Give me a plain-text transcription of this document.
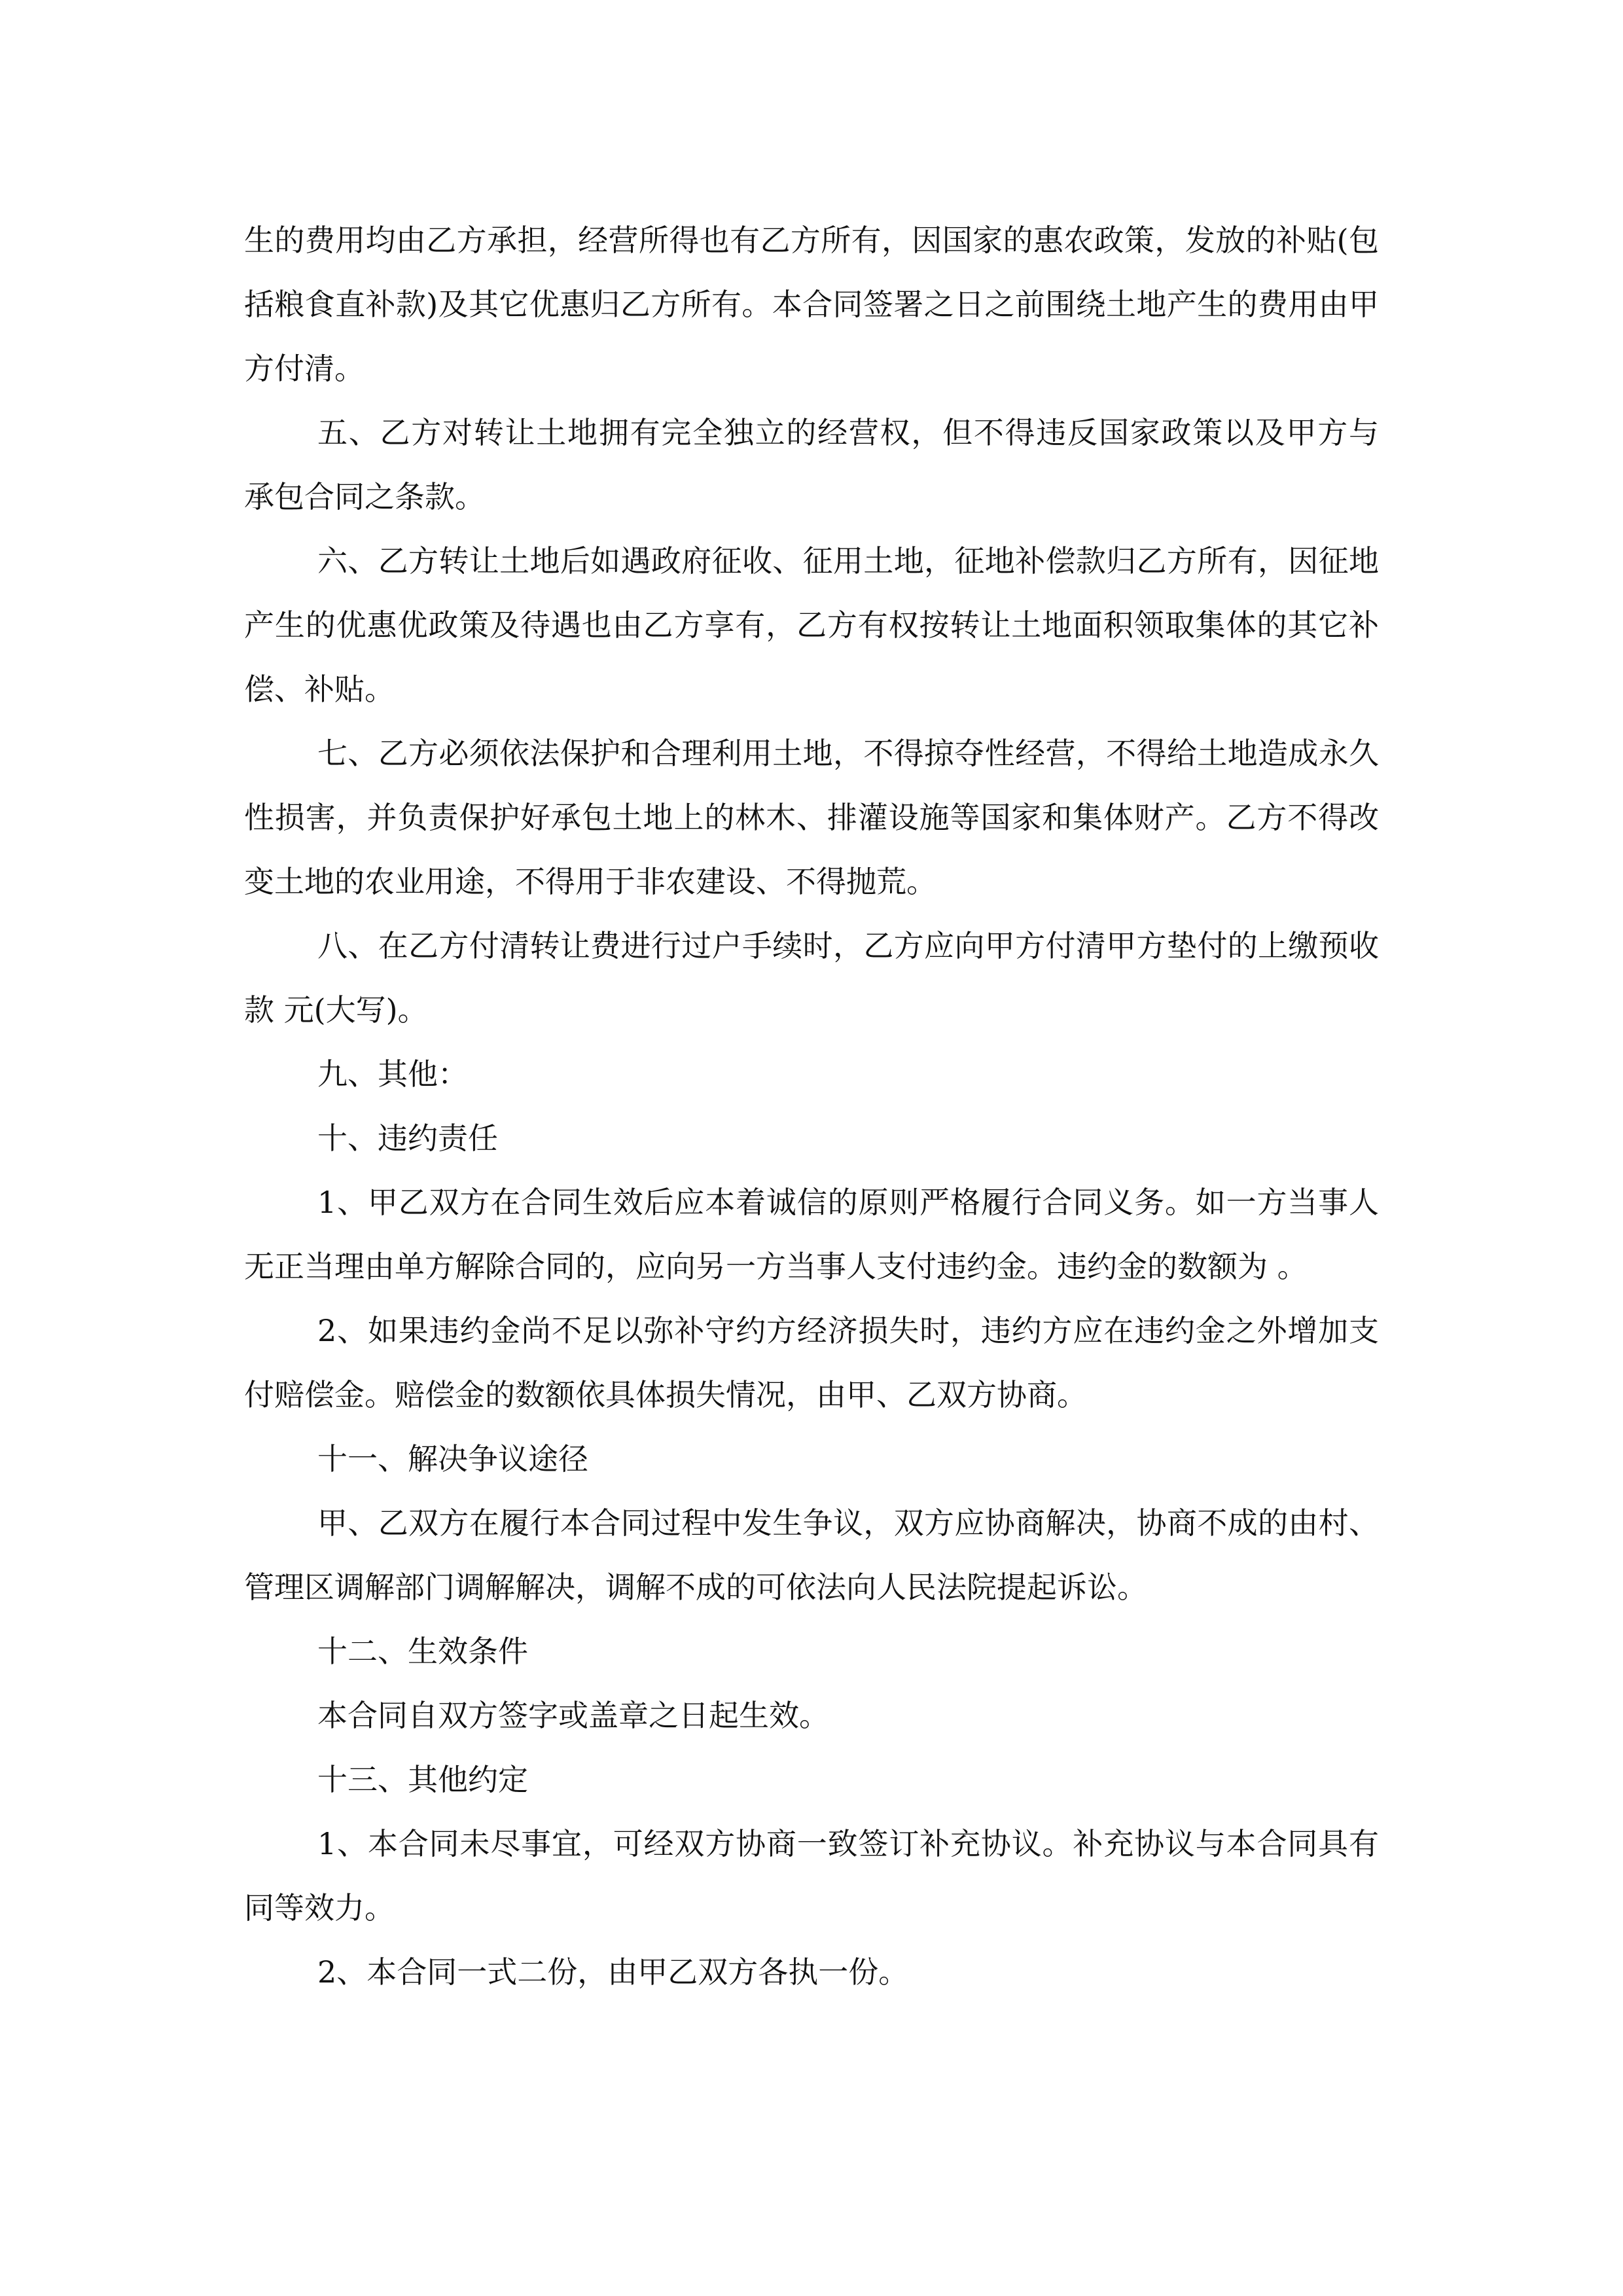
生的费用均由乙方承担，经营所得也有乙方所有，因国家的惠农政策，发放的补贴(包括粮食直补款)及其它优惠归乙方所有。本合同签署之日之前围绕土地产生的费用由甲方付清。

五、乙方对转让土地拥有完全独立的经营权，但不得违反国家政策以及甲方与 承包合同之条款。

六、乙方转让土地后如遇政府征收、征用土地，征地补偿款归乙方所有，因征地产生的优惠优政策及待遇也由乙方享有，乙方有权按转让土地面积领取集体的其它补偿、补贴。

七、乙方必须依法保护和合理利用土地，不得掠夺性经营，不得给土地造成永久性损害，并负责保护好承包土地上的林木、排灌设施等国家和集体财产。乙方不得改变土地的农业用途，不得用于非农建设、不得抛荒。

八、在乙方付清转让费进行过户手续时，乙方应向甲方付清甲方垫付的上缴预收款 元(大写)。

九、其他：

十、违约责任

1、甲乙双方在合同生效后应本着诚信的原则严格履行合同义务。如一方当事人无正当理由单方解除合同的，应向另一方当事人支付违约金。违约金的数额为 。

2、如果违约金尚不足以弥补守约方经济损失时，违约方应在违约金之外增加支付赔偿金。赔偿金的数额依具体损失情况，由甲、乙双方协商。

十一、解决争议途径

甲、乙双方在履行本合同过程中发生争议，双方应协商解决，协商不成的由村、管理区调解部门调解解决，调解不成的可依法向人民法院提起诉讼。

十二、生效条件

本合同自双方签字或盖章之日起生效。

十三、其他约定

1、本合同未尽事宜，可经双方协商一致签订补充协议。补充协议与本合同具有同等效力。

2、本合同一式二份，由甲乙双方各执一份。
